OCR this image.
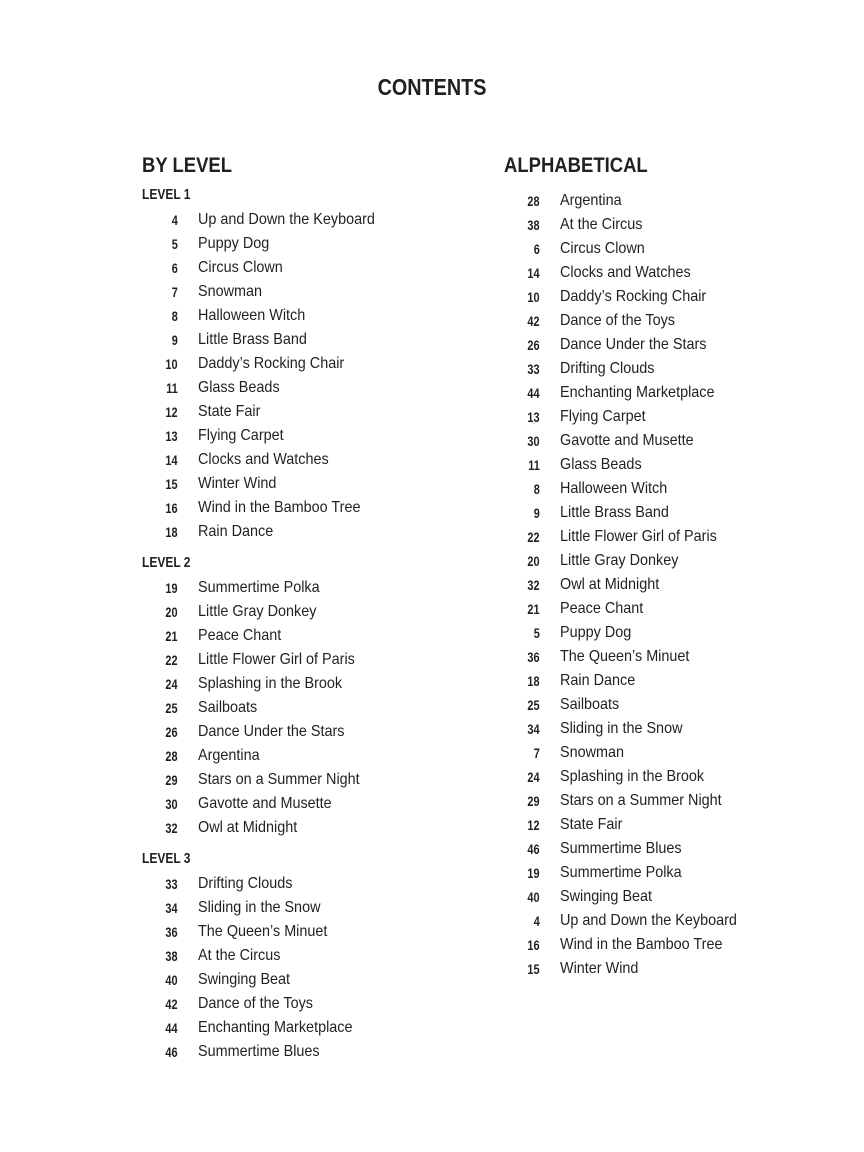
CONTENTS
BY LEVEL
LEVEL 1
4 Up and Down the Keyboard
5 Puppy Dog
6 Circus Clown
7 Snowman
8 Halloween Witch
9 Little Brass Band
10 Daddy’s Rocking Chair
11 Glass Beads
12 State Fair
13 Flying Carpet
14 Clocks and Watches
15 Winter Wind
16 Wind in the Bamboo Tree
18 Rain Dance
LEVEL 2
19 Summertime Polka
20 Little Gray Donkey
21 Peace Chant
22 Little Flower Girl of Paris
24 Splashing in the Brook
25 Sailboats
26 Dance Under the Stars
28 Argentina
29 Stars on a Summer Night
30 Gavotte and Musette
32 Owl at Midnight
LEVEL 3
33 Drifting Clouds
34 Sliding in the Snow
36 The Queen’s Minuet
38 At the Circus
40 Swinging Beat
42 Dance of the Toys
44 Enchanting Marketplace
46 Summertime Blues
ALPHABETICAL
28 Argentina
38 At the Circus
6 Circus Clown
14 Clocks and Watches
10 Daddy’s Rocking Chair
42 Dance of the Toys
26 Dance Under the Stars
33 Drifting Clouds
44 Enchanting Marketplace
13 Flying Carpet
30 Gavotte and Musette
11 Glass Beads
8 Halloween Witch
9 Little Brass Band
22 Little Flower Girl of Paris
20 Little Gray Donkey
32 Owl at Midnight
21 Peace Chant
5 Puppy Dog
36 The Queen’s Minuet
18 Rain Dance
25 Sailboats
34 Sliding in the Snow
7 Snowman
24 Splashing in the Brook
29 Stars on a Summer Night
12 State Fair
46 Summertime Blues
19 Summertime Polka
40 Swinging Beat
4 Up and Down the Keyboard
16 Wind in the Bamboo Tree
15 Winter Wind
